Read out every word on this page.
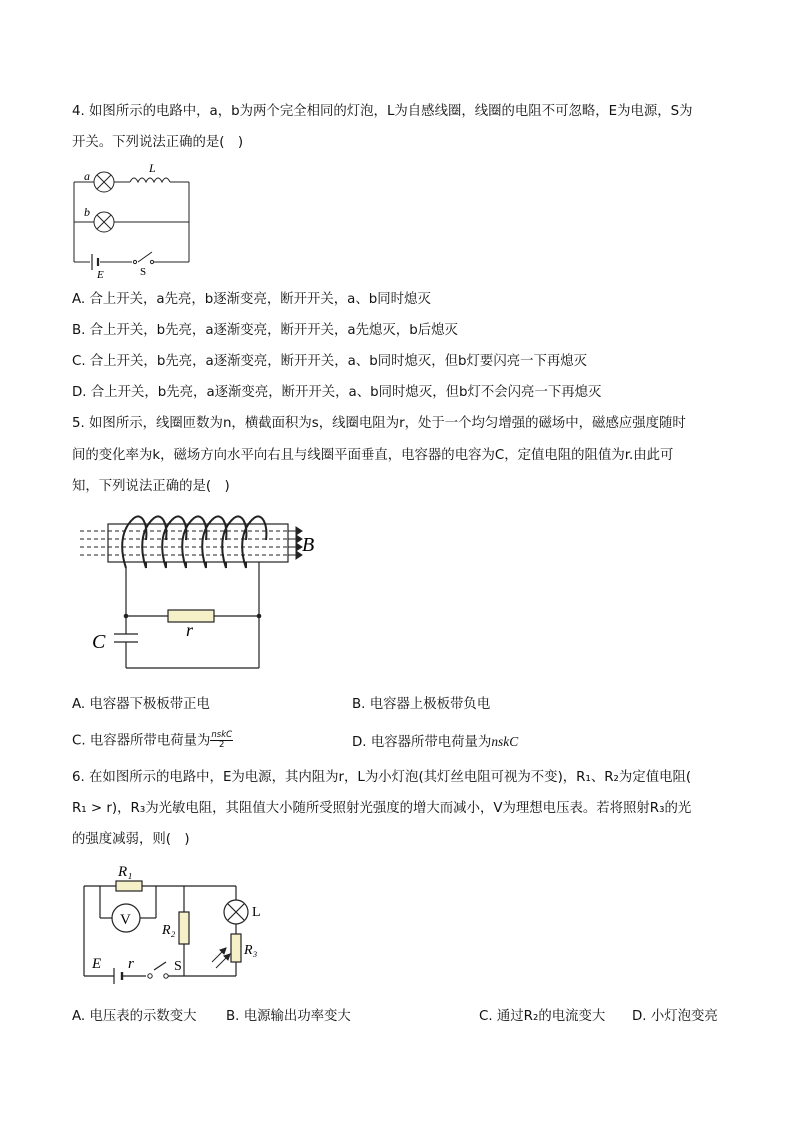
4. 如图所示的电路中，a，b为两个完全相同的灯泡，L为自感线圈，线圈的电阻不可忽略，E为电源，S为
开关。下列说法正确的是(　)
a
b
L
E	S
A. 合上开关，a先亮，b逐渐变亮，断开开关，a、b同时熄灭
B. 合上开关，b先亮，a逐渐变亮，断开开关，a先熄灭，b后熄灭
C. 合上开关，b先亮，a逐渐变亮，断开开关，a、b同时熄灭，但b灯要闪亮一下再熄灭
D. 合上开关，b先亮，a逐渐变亮，断开开关，a、b同时熄灭，但b灯不会闪亮一下再熄灭
5. 如图所示，线圈匝数为n，横截面积为s，线圈电阻为r，处于一个均匀增强的磁场中，磁感应强度随时
间的变化率为k，磁场方向水平向右且与线圈平面垂直，电容器的电容为C，定值电阻的阻值为r.由此可
知，下列说法正确的是(　)
B
C
r
A. 电容器下极板带正电	B. 电容器上极板带负电
C. 电容器所带电荷量为 $\frac{\text{nskC}}{2}$	D. 电容器所带电荷量为nskC
6. 在如图所示的电路中，E为电源，其内阻为r，L为小灯泡(其灯丝电阻可视为不变)，R₁、R₂为定值电阻(
R₁ > r)，R₃为光敏电阻，其阻值大小随所受照射光强度的增大而减小，V为理想电压表。若将照射R₃的光
的强度减弱，则(　)
V
R₁
R₂
L
R₃
E r	S
A. 电压表的示数变大 B. 电源输出功率变大	C. 通过R₂的电流变大 D. 小灯泡变亮
